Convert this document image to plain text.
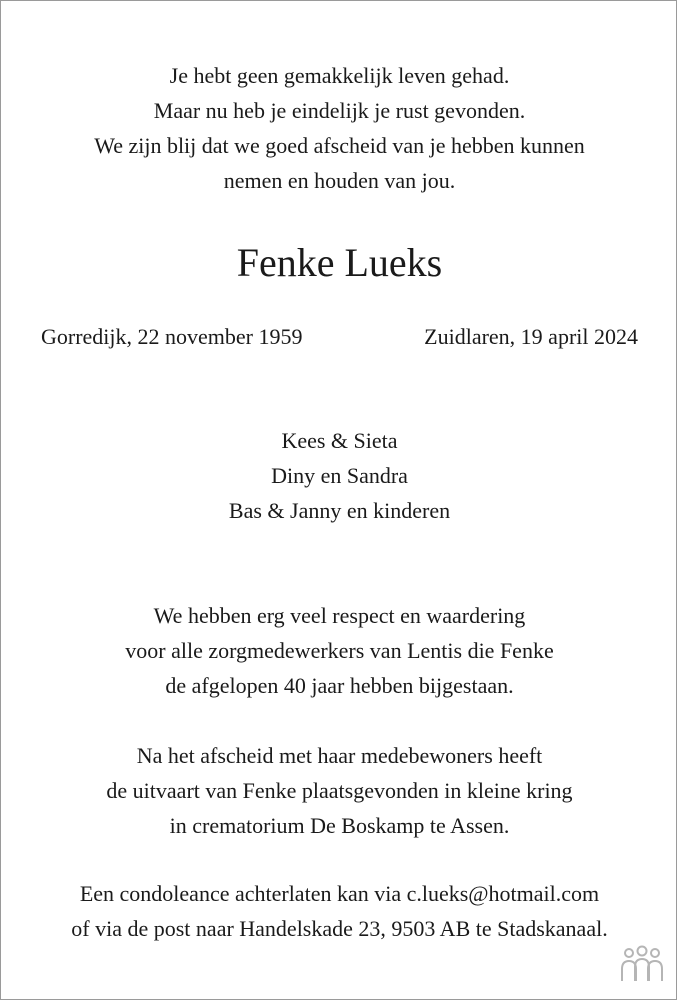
Je hebt geen gemakkelijk leven gehad.
Maar nu heb je eindelijk je rust gevonden.
We zijn blij dat we goed afscheid van je hebben kunnen
nemen en houden van jou.
Fenke Lueks
Gorredijk, 22 november 1959	Zuidlaren, 19 april 2024
Kees & Sieta
Diny en Sandra
Bas & Janny en kinderen
We hebben erg veel respect en waardering
voor alle zorgmedewerkers van Lentis die Fenke
de afgelopen 40 jaar hebben bijgestaan.
Na het afscheid met haar medebewoners heeft
de uitvaart van Fenke plaatsgevonden in kleine kring
in crematorium De Boskamp te Assen.
Een condoleance achterlaten kan via c.lueks@hotmail.com
of via de post naar Handelskade 23, 9503 AB te Stadskanaal.
